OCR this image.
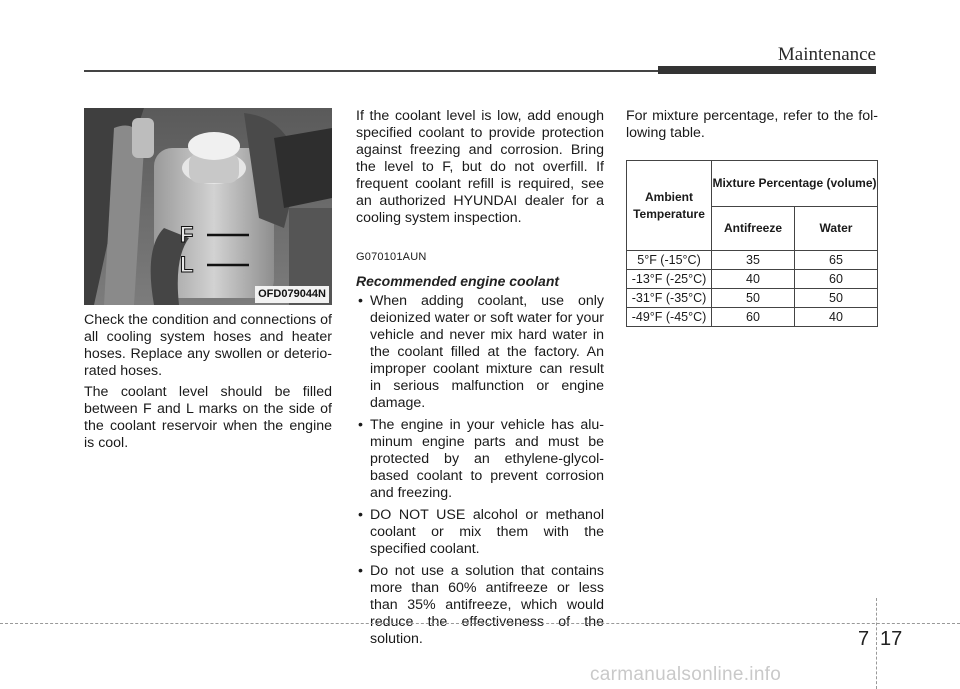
Maintenance
F
L
OFD079044N

Check the condition and connections of all cooling system hoses and heater hoses. Replace any swollen or deteriorated hoses.

The coolant level should be filled between F and L marks on the side of the coolant reservoir when the engine is cool.

If the coolant level is low, add enough specified coolant to provide protection against freezing and corrosion. Bring the level to F, but do not overfill. If frequent coolant refill is required, see an authorized HYUNDAI dealer for a cooling system inspection.

G070101AUN
Recommended engine coolant
• When adding coolant, use only deionized water or soft water for your vehicle and never mix hard water in the coolant filled at the factory. An improper coolant mixture can result in serious malfunction or engine damage.
• The engine in your vehicle has aluminum engine parts and must be protected by an ethylene-glycol-based coolant to prevent corrosion and freezing.
• DO NOT USE alcohol or methanol coolant or mix them with the specified coolant.
• Do not use a solution that contains more than 60% antifreeze or less than 35% antifreeze, which would reduce the effectiveness of the solution.

For mixture percentage, refer to the following table.

Ambient
Temperature	Mixture Percentage (volume)	
	Antifreeze	Water
5°F (-15°C)	35	65
-13°F (-25°C)	40	60
-31°F (-35°C)	50	50
-49°F (-45°C)	60	40
7 17
carmanualsonline.info
